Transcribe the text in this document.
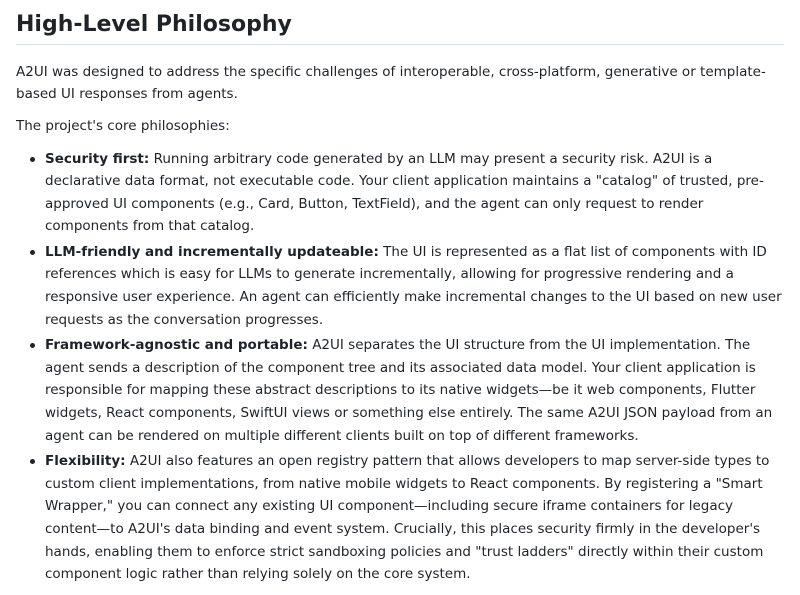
High-Level Philosophy

A2UI was designed to address the specific challenges of interoperable, cross-platform, generative or template-based UI responses from agents.

The project's core philosophies:

Security first: Running arbitrary code generated by an LLM may present a security risk. A2UI is a declarative data format, not executable code. Your client application maintains a "catalog" of trusted, pre-approved UI components (e.g., Card, Button, TextField), and the agent can only request to render components from that catalog.
LLM-friendly and incrementally updateable: The UI is represented as a flat list of components with ID references which is easy for LLMs to generate incrementally, allowing for progressive rendering and a responsive user experience. An agent can efficiently make incremental changes to the UI based on new user requests as the conversation progresses.
Framework-agnostic and portable: A2UI separates the UI structure from the UI implementation. The agent sends a description of the component tree and its associated data model. Your client application is responsible for mapping these abstract descriptions to its native widgets—be it web components, Flutter widgets, React components, SwiftUI views or something else entirely. The same A2UI JSON payload from an agent can be rendered on multiple different clients built on top of different frameworks.
Flexibility: A2UI also features an open registry pattern that allows developers to map server-side types to custom client implementations, from native mobile widgets to React components. By registering a "Smart Wrapper," you can connect any existing UI component—including secure iframe containers for legacy content—to A2UI's data binding and event system. Crucially, this places security firmly in the developer's hands, enabling them to enforce strict sandboxing policies and "trust ladders" directly within their custom component logic rather than relying solely on the core system.
